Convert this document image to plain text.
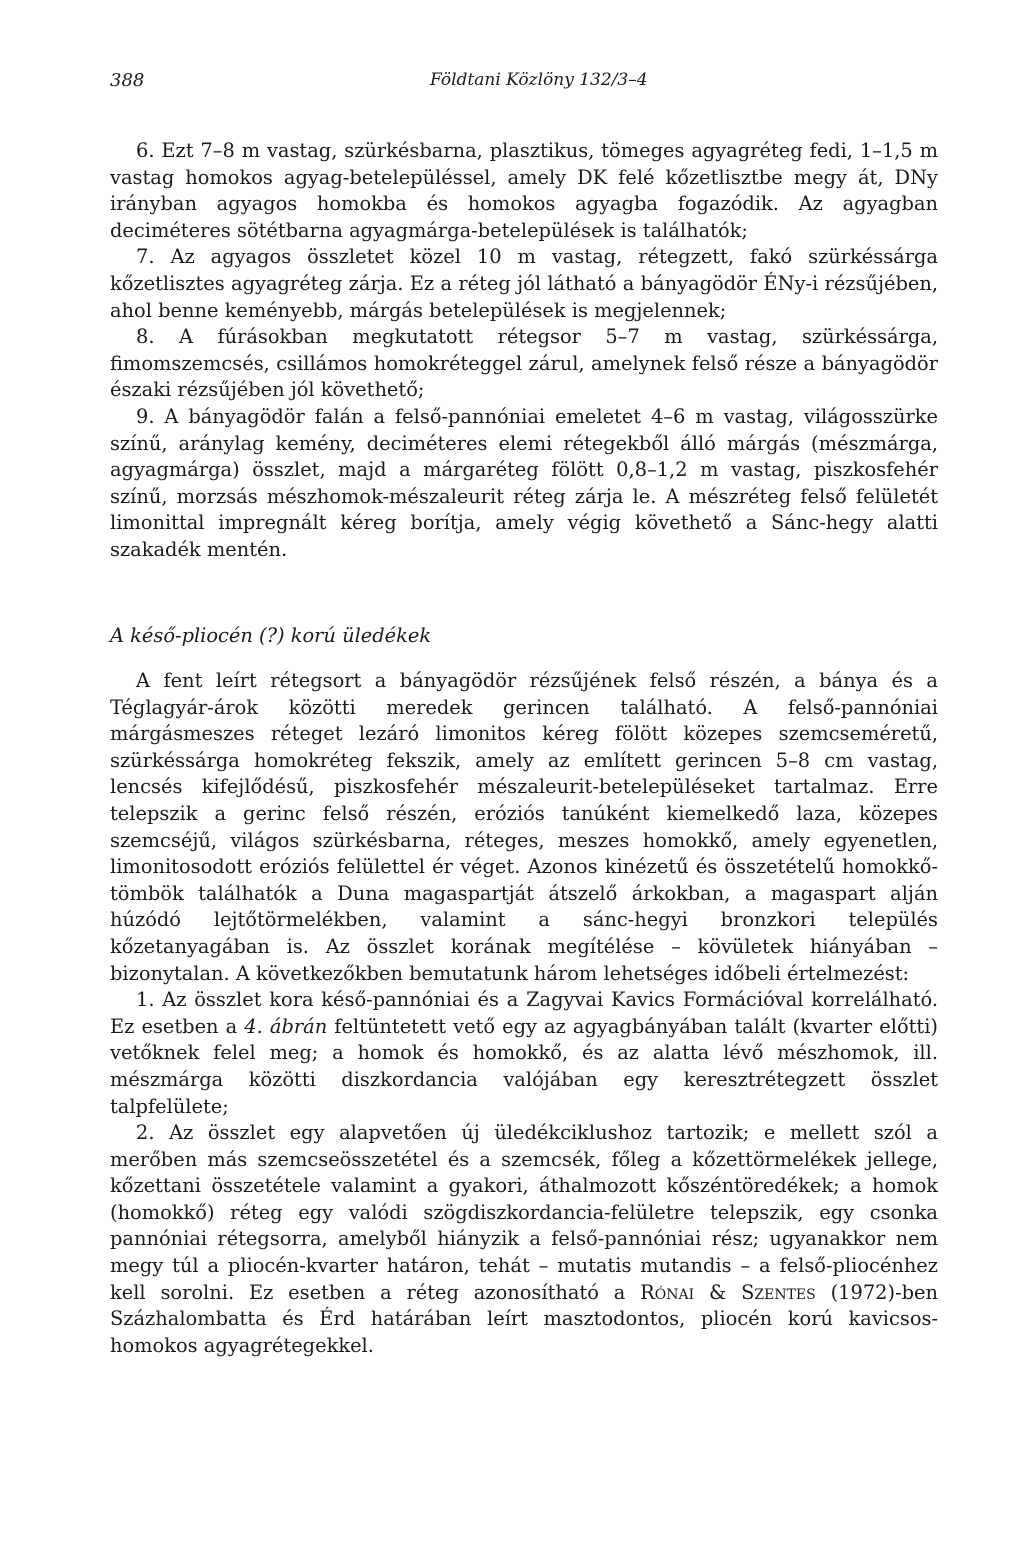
388	Földtani Közlöny 132/3–4

6. Ezt 7–8 m vastag, szürkésbarna, plasztikus, tömeges agyagréteg fedi, 1–1,5 m vastag homokos agyag-betelepüléssel, amely DK felé kőzetlisztbe megy át, DNy irányban agyagos homokba és homokos agyagba fogazódik. Az agyagban deciméteres sötétbarna agyagmárga-betelepülések is találhatók;

7. Az agyagos összletet közel 10 m vastag, rétegzett, fakó szürkéssárga kőzetlisztes agyagréteg zárja. Ez a réteg jól látható a bányagödör ÉNy-i rézsűjében, ahol benne keményebb, márgás betelepülések is megjelennek;

8. A fúrásokban megkutatott rétegsor 5–7 m vastag, szürkéssárga, fimomszemcsés, csillámos homokréteggel zárul, amelynek felső része a bányagödör északi rézsűjében jól követhető;

9. A bányagödör falán a felső-pannóniai emeletet 4–6 m vastag, világosszürke színű, aránylag kemény, deciméteres elemi rétegekből álló márgás (mészmárga, agyagmárga) összlet, majd a márgaréteg fölött 0,8–1,2 m vastag, piszkosfehér színű, morzsás mészhomok-mészaleurit réteg zárja le. A mészréteg felső felületét limonittal impregnált kéreg borítja, amely végig követhető a Sánc-hegy alatti szakadék mentén.

A késő-pliocén (?) korú üledékek

A fent leírt rétegsort a bányagödör rézsűjének felső részén, a bánya és a Téglagyár-árok közötti meredek gerincen található. A felső-pannóniai márgásmeszes réteget lezáró limonitos kéreg fölött közepes szemcseméretű, szürkéssárga homokréteg fekszik, amely az említett gerincen 5–8 cm vastag, lencsés kifejlődésű, piszkosfehér mészaleurit-betelepüléseket tartalmaz. Erre telepszik a gerinc felső részén, eróziós tanúként kiemelkedő laza, közepes szemcséjű, világos szürkésbarna, réteges, meszes homokkő, amely egyenetlen, limonitosodott eróziós felülettel ér véget. Azonos kinézetű és összetételű homokkő-tömbök találhatók a Duna magaspartját átszelő árkokban, a magaspart alján húzódó lejtőtörmelékben, valamint a sánc-hegyi bronzkori település kőzetanyagában is. Az összlet korának megítélése – kövületek hiányában – bizonytalan. A következőkben bemutatunk három lehetséges időbeli értelmezést:

1. Az összlet kora késő-pannóniai és a Zagyvai Kavics Formációval korrelálható. Ez esetben a 4. ábrán feltüntetett vető egy az agyagbányában talált (kvarter előtti) vetőknek felel meg; a homok és homokkő, és az alatta lévő mészhomok, ill. mészmárga közötti diszkordancia valójában egy keresztrétegzett összlet talpfelülete;

2. Az összlet egy alapvetően új üledékciklushoz tartozik; e mellett szól a merőben más szemcseösszetétel és a szemcsék, főleg a kőzettörmelékek jellege, kőzettani összetétele valamint a gyakori, áthalmozott kőszéntöredékek; a homok (homokkő) réteg egy valódi szögdiszkordancia-felületre telepszik, egy csonka pannóniai rétegsorra, amelyből hiányzik a felső-pannóniai rész; ugyanakkor nem megy túl a pliocén-kvarter határon, tehát – mutatis mutandis – a felső-pliocénhez kell sorolni. Ez esetben a réteg azonosítható a Rónai & Szentes (1972)-ben Százhalombatta és Érd határában leírt masztodontos, pliocén korú kavicsos-homokos agyagrétegekkel.
